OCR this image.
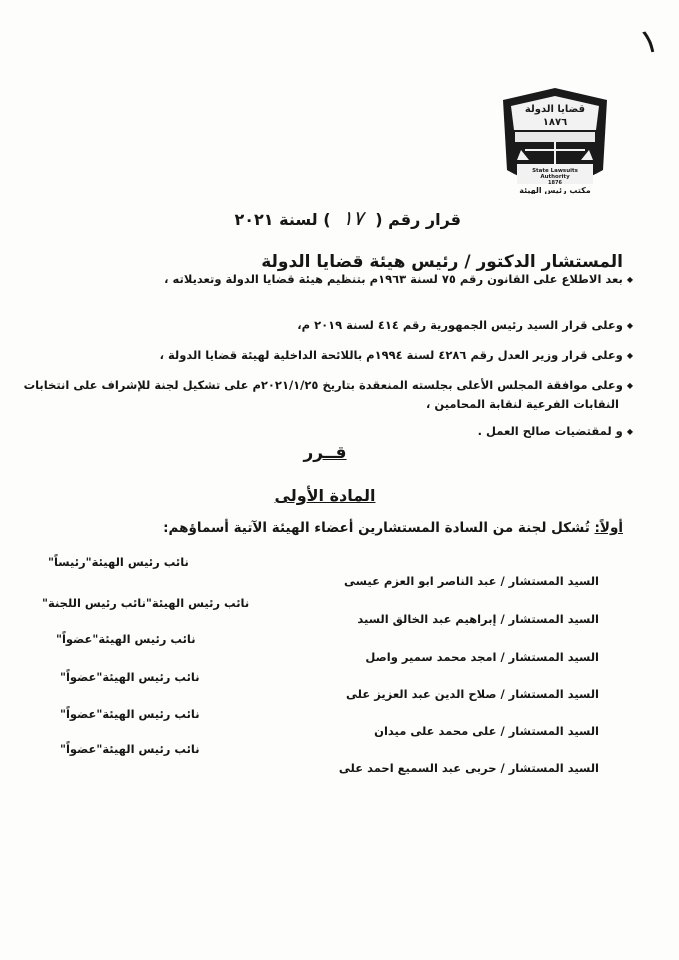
١
قضايا الدولة
١٨٧٦
State Lawsuits
Authority
1876
مكتب رئيس الهيئة
قرار رقم ( ١٧ ) لسنة ٢٠٢١
المستشار الدكتور / رئيس هيئة قضايا الدولة
◆بعد الاطلاع على القانون رقم ٧٥ لسنة ١٩٦٣م بتنظيم هيئة قضايا الدولة وتعديلاته ،
◆وعلى قرار السيد رئيس الجمهورية رقم ٤١٤ لسنة ٢٠١٩ م،
◆وعلى قرار وزير العدل رقم ٤٢٨٦ لسنة ١٩٩٤م باللائحة الداخلية لهيئة قضايا الدولة ،
◆وعلى موافقة المجلس الأعلى بجلسته المنعقدة بتاريخ ٢٠٢١/١/٢٥م على تشكيل لجنة للإشراف على انتخابات
النقابات الفرعية لنقابة المحامين ،
◆و لمقتضيات صالح العمل .
قــرر
المادة الأولى
أولاً: تُشكل لجنة من السادة المستشارين أعضاء الهيئة الآتية أسماؤهم:
السيد المستشار / عبد الناصر ابو العزم عيسى
نائب رئيس الهيئة"رئيساً"
السيد المستشار / إبراهيم عبد الخالق السيد
نائب رئيس الهيئة"نائب رئيس اللجنة"
السيد المستشار / امجد محمد سمير واصل
نائب رئيس الهيئة"عضواً"
السيد المستشار / صلاح الدين عبد العزيز على
نائب رئيس الهيئة"عضواً"
السيد المستشار / على محمد على ميدان
نائب رئيس الهيئة"عضواً"
السيد المستشار / حربى عبد السميع احمد على
نائب رئيس الهيئة"عضواً"
